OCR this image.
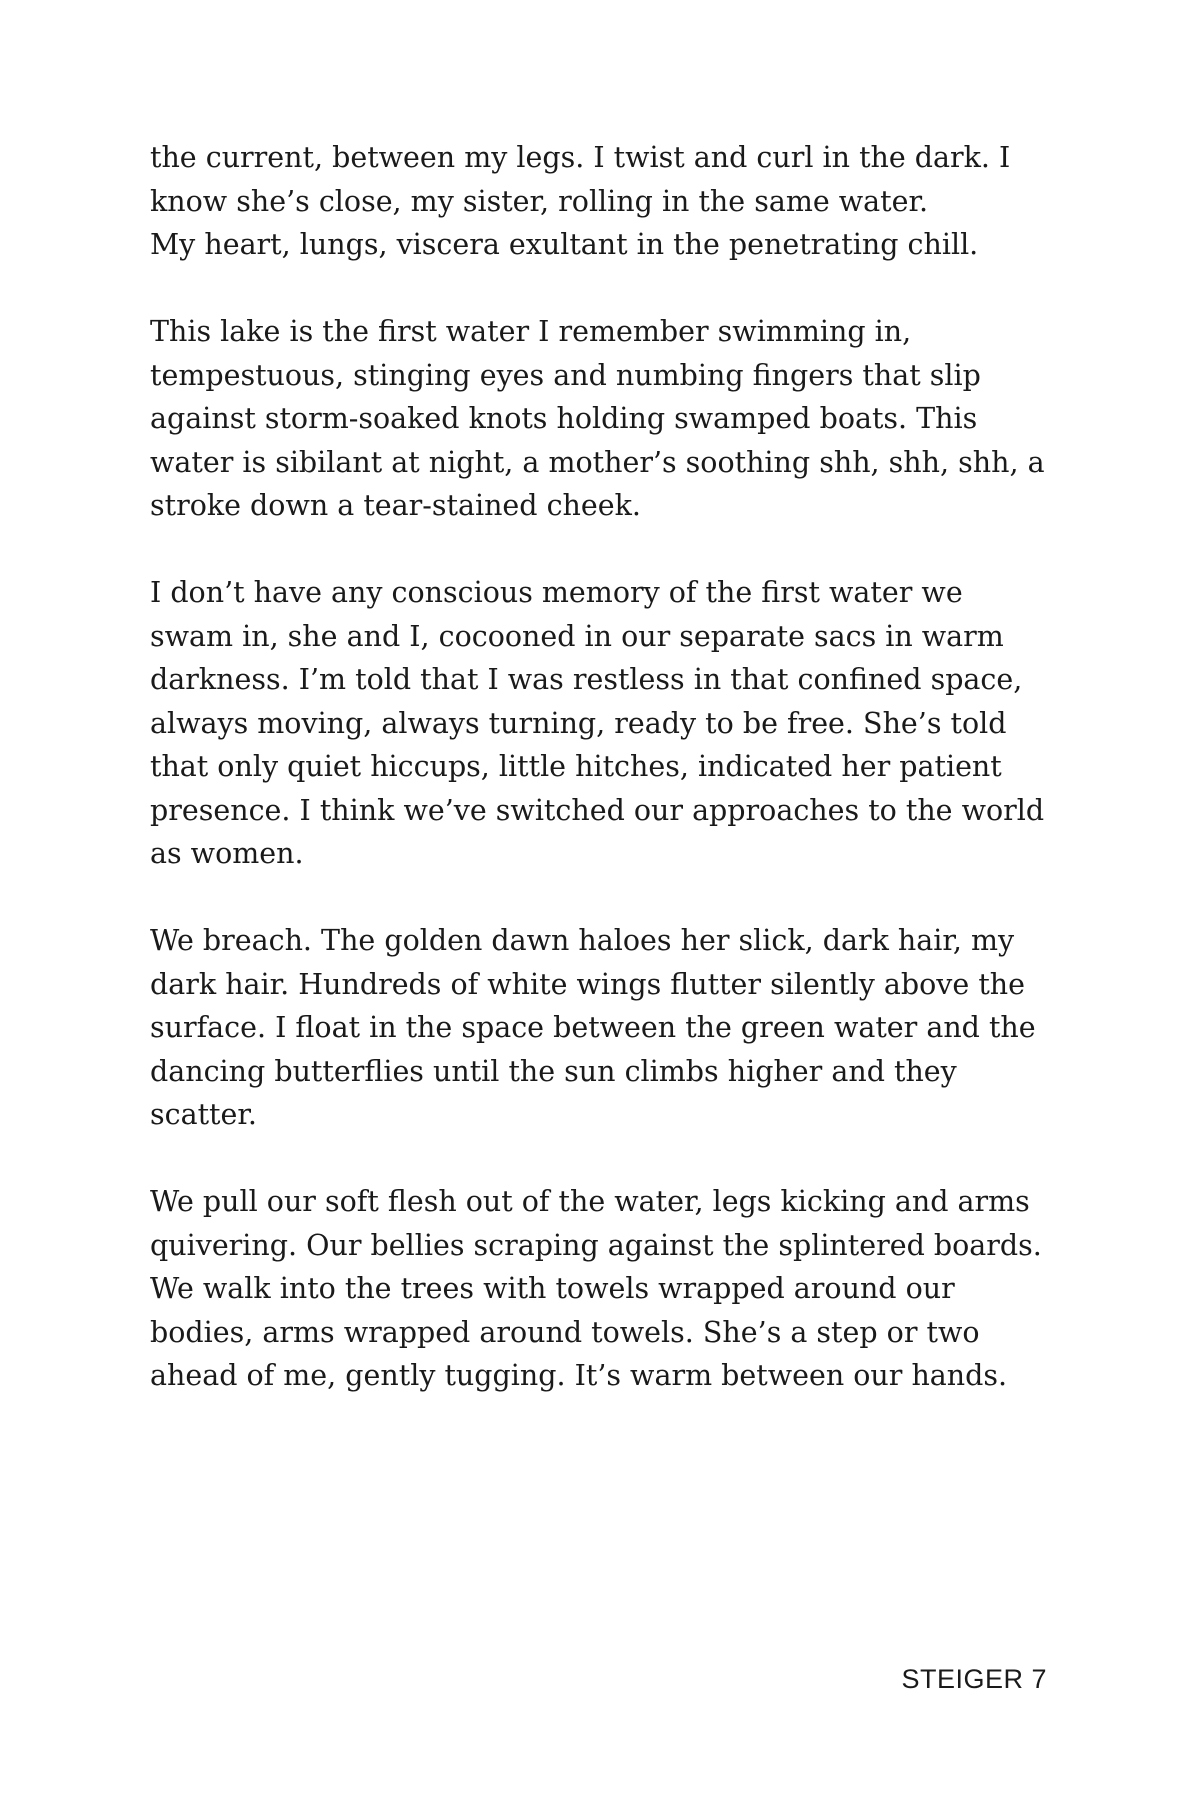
the current, between my legs. I twist and curl in the dark. I
know she’s close, my sister, rolling in the same water.
My heart, lungs, viscera exultant in the penetrating chill.

This lake is the first water I remember swimming in,
tempestuous, stinging eyes and numbing fingers that slip
against storm-soaked knots holding swamped boats. This
water is sibilant at night, a mother’s soothing shh, shh, shh, a
stroke down a tear-stained cheek.

I don’t have any conscious memory of the first water we
swam in, she and I, cocooned in our separate sacs in warm
darkness. I’m told that I was restless in that confined space,
always moving, always turning, ready to be free. She’s told
that only quiet hiccups, little hitches, indicated her patient
presence. I think we’ve switched our approaches to the world
as women.

We breach. The golden dawn haloes her slick, dark hair, my
dark hair. Hundreds of white wings flutter silently above the
surface. I float in the space between the green water and the
dancing butterflies until the sun climbs higher and they
scatter.

We pull our soft flesh out of the water, legs kicking and arms
quivering. Our bellies scraping against the splintered boards.
We walk into the trees with towels wrapped around our
bodies, arms wrapped around towels. She’s a step or two
ahead of me, gently tugging. It’s warm between our hands.

STEIGER 7
